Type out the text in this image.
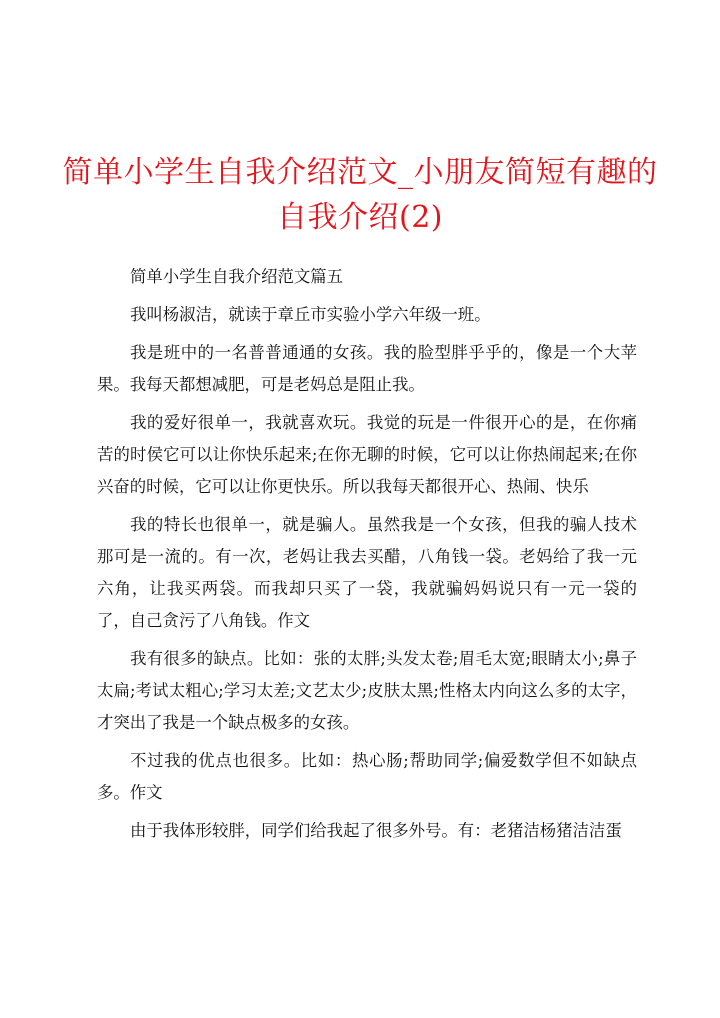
简单小学生自我介绍范文_小朋友简短有趣的
自我介绍(2)

简单小学生自我介绍范文篇五

我叫杨淑洁，就读于章丘市实验小学六年级一班。

我是班中的一名普普通通的女孩。我的脸型胖乎乎的，像是一个大苹果。我每天都想减肥，可是老妈总是阻止我。

我的爱好很单一，我就喜欢玩。我觉的玩是一件很开心的是，在你痛苦的时侯它可以让你快乐起来;在你无聊的时候，它可以让你热闹起来;在你兴奋的时候，它可以让你更快乐。所以我每天都很开心、热闹、快乐

我的特长也很单一，就是骗人。虽然我是一个女孩，但我的骗人技术那可是一流的。有一次，老妈让我去买醋，八角钱一袋。老妈给了我一元六角，让我买两袋。而我却只买了一袋，我就骗妈妈说只有一元一袋的了，自己贪污了八角钱。作文

我有很多的缺点。比如：张的太胖;头发太卷;眉毛太宽;眼睛太小;鼻子太扁;考试太粗心;学习太差;文艺太少;皮肤太黑;性格太内向这么多的太字，才突出了我是一个缺点极多的女孩。

不过我的优点也很多。比如：热心肠;帮助同学;偏爱数学但不如缺点多。作文

由于我体形较胖，同学们给我起了很多外号。有：老猪洁杨猪洁洁蛋
